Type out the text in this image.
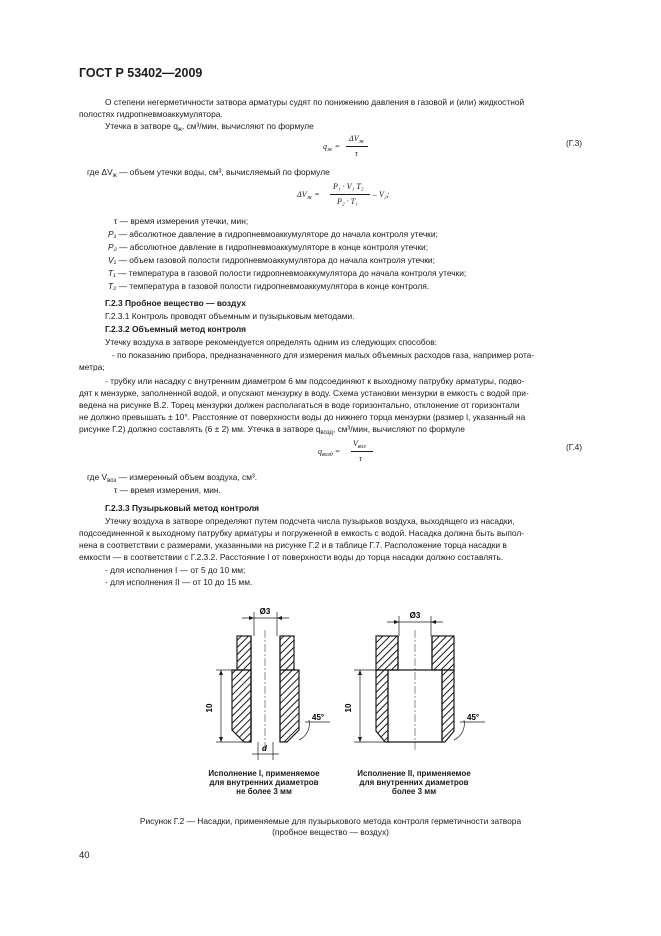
ГОСТ Р 53402—2009
О степени негерметичности затвора арматуры судят по понижению давления в газовой и (или) жидкостной
полостях гидропневмоаккумулятора.
Утечка в затворе $q_ж$, см³/мин, вычисляют по формуле
$q_ж$ =
$\Delta V_ж$
τ
(Г.3)
где $\Delta V_ж$ — объем утечки воды, см³, вычисляемый по формуле
$\Delta V_ж$ =
P₁ · V₁ T₂
P₂ · T₁
– V₂;
τ — время измерения утечки, мин;
P₁ — абсолютное давление в гидропневмоаккумуляторе до начала контроля утечки;
P₂ — абсолютное давление в гидропневмоаккумуляторе в конце контроля утечки;
V₁ — объем газовой полости гидропневмоаккумулятора до начала контроля утечки;
T₁ — температура в газовой полости гидропневмоаккумулятора до начала контроля утечки;
T₂ — температура в газовой полости гидропневмоаккумулятора в конце контроля.
Г.2.3 Пробное вещество — воздух
Г.2.3.1 Контроль проводят объемным и пузырьковым методами.
Г.2.3.2 Объемный метод контроля
Утечку воздуха в затворе рекомендуется определять одним из следующих способов:
- по показанию прибора, предназначенного для измерения малых объемных расходов газа, например рота-
метра;
- трубку или насадку с внутренним диаметром 6 мм подсоединяют к выходному патрубку арматуры, подво-
дят к мензурке, заполненной водой, и опускают мензурку в воду. Схема установки мензурки в емкость с водой при-
ведена на рисунке В.2. Торец мензурки должен располагаться в воде горизонтально, отклонение от горизонтали
не должно превышать ± 10°. Расстояние от поверхности воды до нижнего торца мензурки (размер l, указанный на
рисунке Г.2) должно составлять (6 ± 2) мм. Утечка в затворе $q_{возд}$, см³/мин, вычисляют по формуле
$q_{возд}$ =
$V_{воз}$
τ
(Г.4)
где $V_{воз}$ — измеренный объем воздуха, см³.
τ — время измерения, мин.
Г.2.3.3 Пузырьковый метод контроля
Утечку воздуха в затворе определяют путем подсчета числа пузырьков воздуха, выходящего из насадки,
подсоединенной к выходному патрубку арматуры и погруженной в емкость с водой. Насадка должна быть выпол-
нена в соответствии с размерами, указанными на рисунке Г.2 и в таблице Г.7. Расположение торца насадки в
емкости — в соответствии с Г.2.3.2. Расстояние l от поверхности воды до торца насадки должно составлять.
- для исполнения I — от 5 до 10 мм;
- для исполнения II — от 10 до 15 мм.
Ø3
10
45°
d
Ø3
10
45°
Исполнение I, применяемое
для внутренних диаметров
не более 3 мм
Исполнение II, применяемое
для внутренних диаметров
более 3 мм
Рисунок Г.2 — Насадки, применяемые для пузырькового метода контроля герметичности затвора
(пробное вещество — воздух)
40
